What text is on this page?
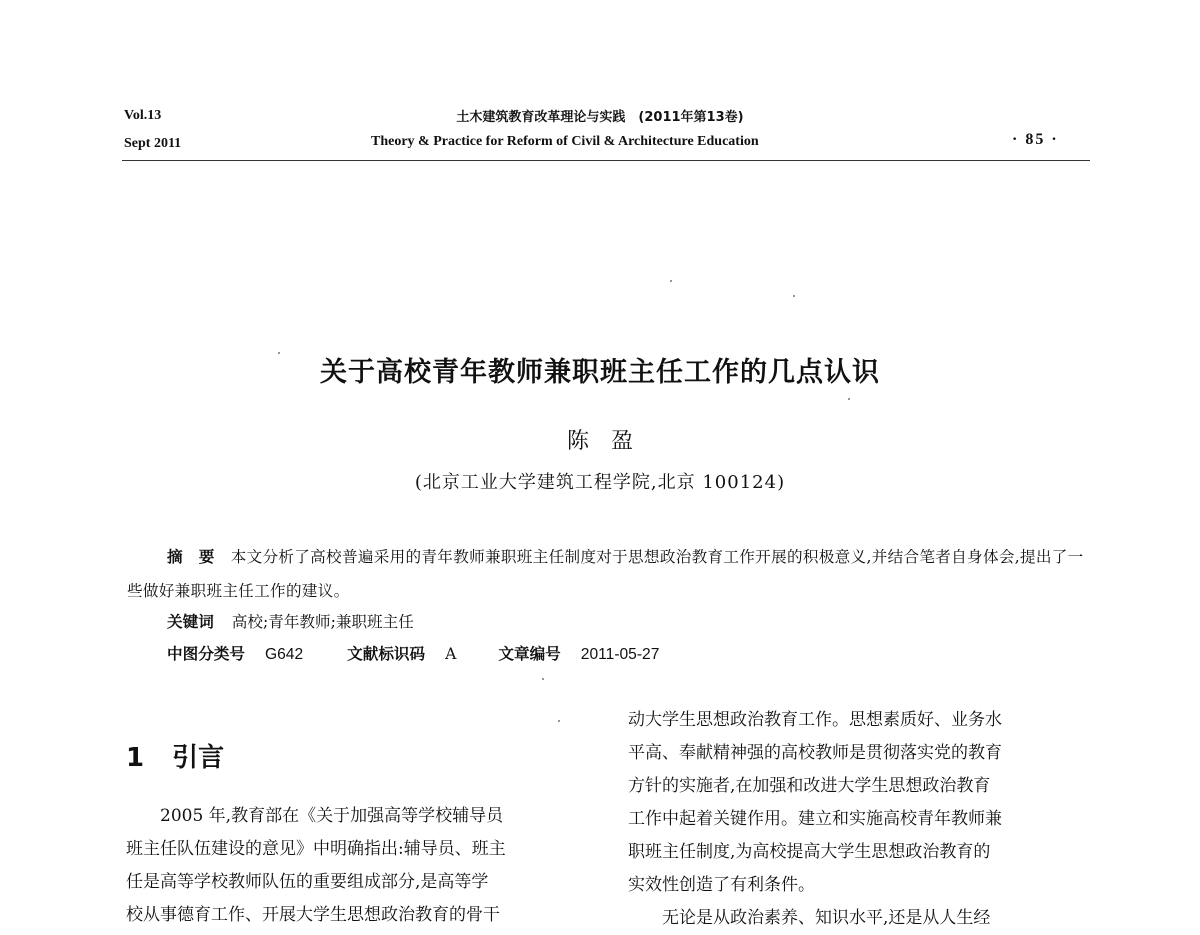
Vol.13
Sept 2011
土木建筑教育改革理论与实践　(2011年第13卷)
Theory & Practice for Reform of Civil & Architecture Education	· 85 ·
关于高校青年教师兼职班主任工作的几点认识
陈　盈
(北京工业大学建筑工程学院,北京 100124)
摘　要 本文分析了高校普遍采用的青年教师兼职班主任制度对于思想政治教育工作开展的积极意义,并结合笔者自身体会,提出了一些做好兼职班主任工作的建议。
关键词 高校;青年教师;兼职班主任
中图分类号 G642	文献标识码 A	文章编号 2011-05-27
1 引言

　　2005 年,教育部在《关于加强高等学校辅导员

班主任队伍建设的意见》中明确指出:辅导员、班主

任是高等学校教师队伍的重要组成部分,是高等学

校从事德育工作、开展大学生思想政治教育的骨干

动大学生思想政治教育工作。思想素质好、业务水

平高、奉献精神强的高校教师是贯彻落实党的教育

方针的实施者,在加强和改进大学生思想政治教育

工作中起着关键作用。建立和实施高校青年教师兼

职班主任制度,为高校提高大学生思想政治教育的

实效性创造了有利条件。

　　无论是从政治素养、知识水平,还是从人生经
